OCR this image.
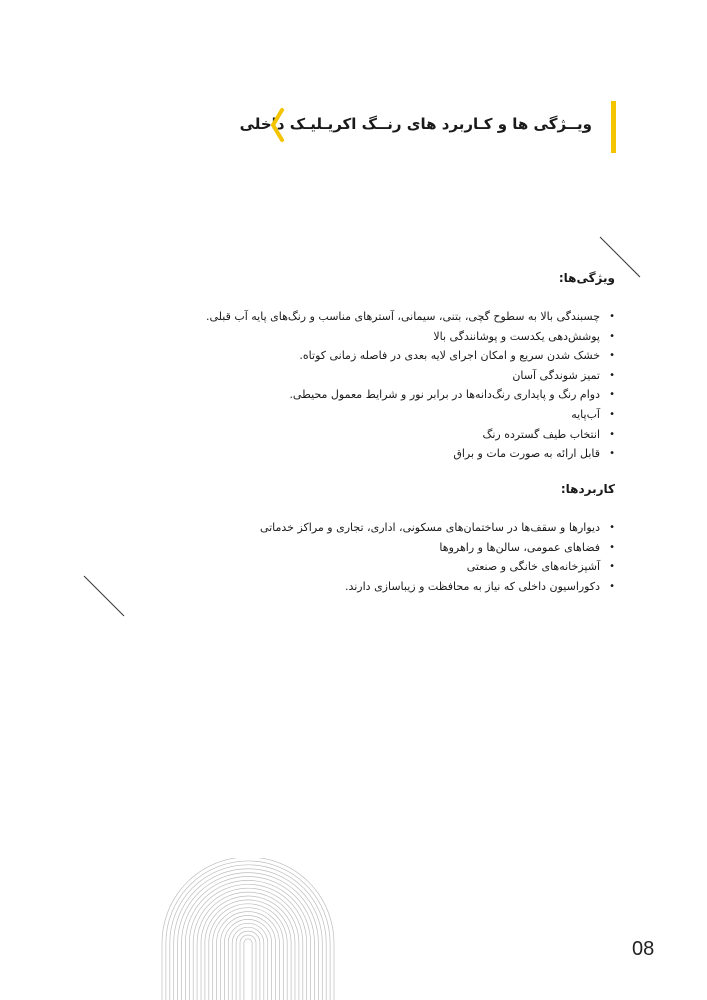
ویــژگی ها و کـاربرد های رنــگ اکریـلیـک داخلی
ویژگی‌ها:
• چسبندگی بالا به سطوح گچی، بتنی، سیمانی، آسترهای مناسب و رنگ‌های پایه آب قبلی.
• پوشش‌دهی یکدست و پوشانندگی بالا
• خشک شدن سریع و امکان اجرای لایه بعدی در فاصله زمانی کوتاه.
• تمیز شوندگی آسان
• دوام رنگ و پایداری رنگ‌دانه‌ها در برابر نور و شرایط معمول محیطی.
• آب‌پایه
• انتخاب طیف گسترده رنگ
• قابل ارائه به صورت مات و براق
کاربردها:
• دیوارها و سقف‌ها در ساختمان‌های مسکونی، اداری، تجاری و مراکز خدماتی
• فضاهای عمومی، سالن‌ها و راهروها
• آشپزخانه‌های خانگی و صنعتی
• دکوراسیون داخلی که نیاز به محافظت و زیباسازی دارند.
08
